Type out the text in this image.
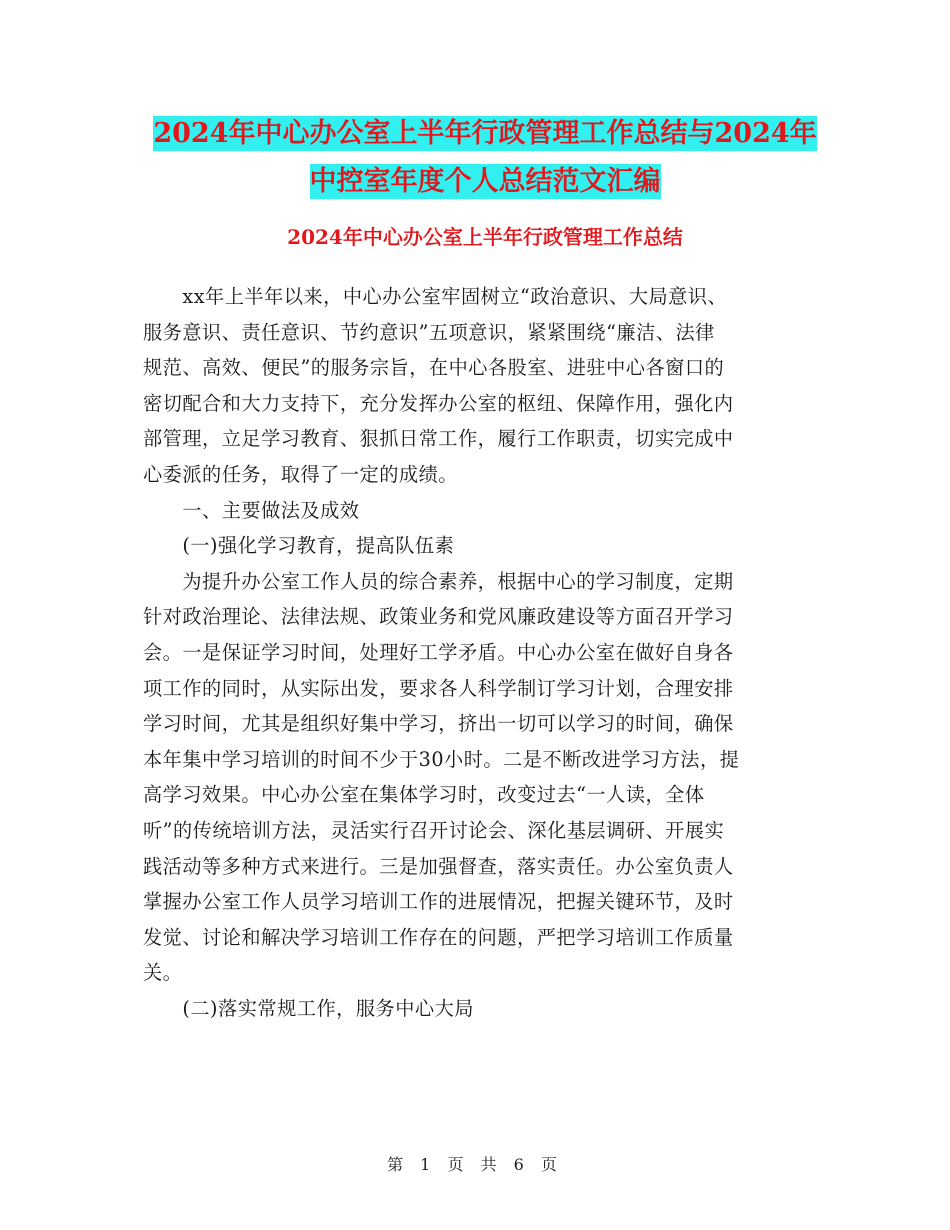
2024年中心办公室上半年行政管理工作总结与2024年
中控室年度个人总结范文汇编
2024年中心办公室上半年行政管理工作总结
　　xx年上半年以来，中心办公室牢固树立“政治意识、大局意识、
服务意识、责任意识、节约意识”五项意识，紧紧围绕“廉洁、法律
规范、高效、便民”的服务宗旨，在中心各股室、进驻中心各窗口的
密切配合和大力支持下，充分发挥办公室的枢纽、保障作用，强化内
部管理，立足学习教育、狠抓日常工作，履行工作职责，切实完成中
心委派的任务，取得了一定的成绩。
　　一、主要做法及成效
　　(一)强化学习教育，提高队伍素
　　为提升办公室工作人员的综合素养，根据中心的学习制度，定期
针对政治理论、法律法规、政策业务和党风廉政建设等方面召开学习
会。一是保证学习时间，处理好工学矛盾。中心办公室在做好自身各
项工作的同时，从实际出发，要求各人科学制订学习计划，合理安排
学习时间，尤其是组织好集中学习，挤出一切可以学习的时间，确保
本年集中学习培训的时间不少于30小时。二是不断改进学习方法，提
高学习效果。中心办公室在集体学习时，改变过去“一人读，全体
听”的传统培训方法，灵活实行召开讨论会、深化基层调研、开展实
践活动等多种方式来进行。三是加强督查，落实责任。办公室负责人
掌握办公室工作人员学习培训工作的进展情况，把握关键环节，及时
发觉、讨论和解决学习培训工作存在的问题，严把学习培训工作质量
关。
　　(二)落实常规工作，服务中心大局
第 1 页 共 6 页
